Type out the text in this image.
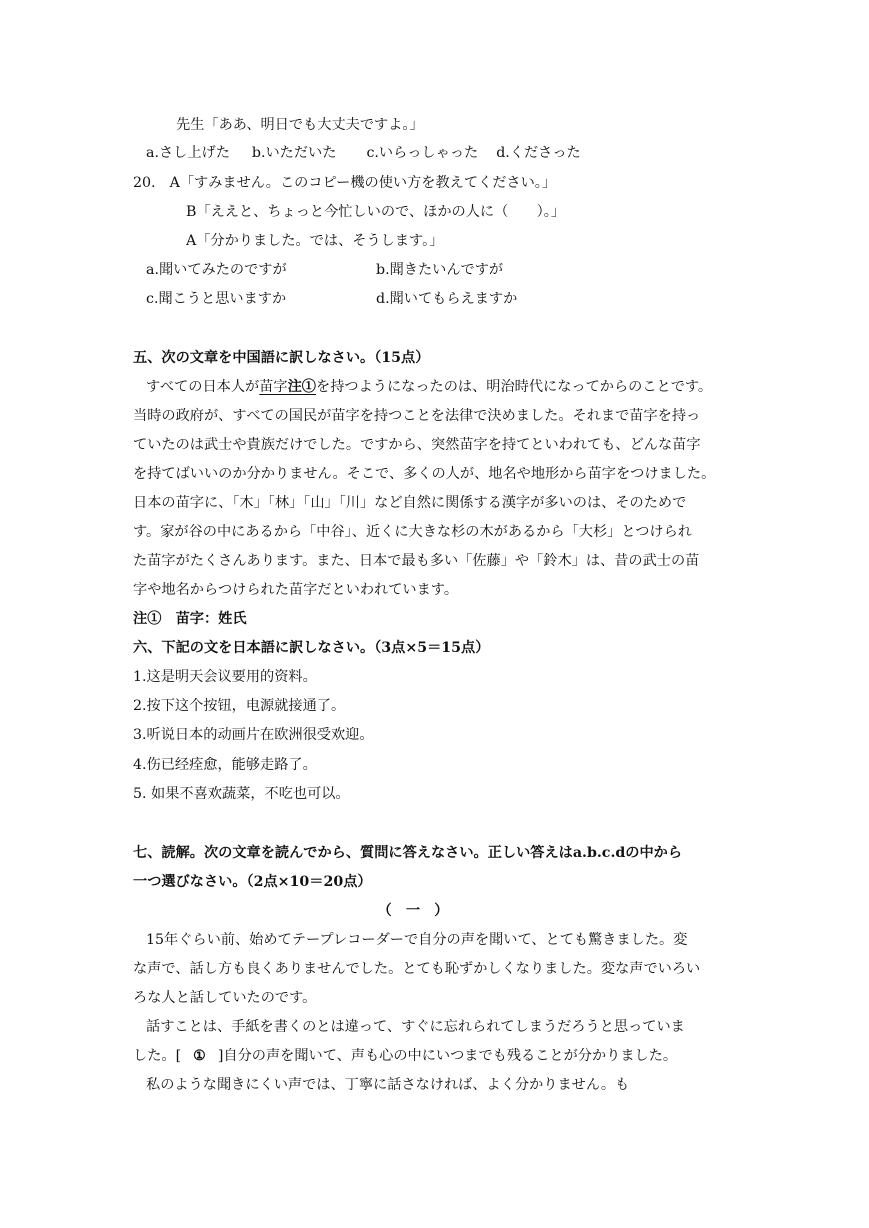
先生「ああ、明日でも大丈夫ですよ。」
a.さし上げた b.いただいた c.いらっしゃった d.くださった
20. A「すみません。このコピー機の使い方を教えてください。」
B「ええと、ちょっと今忙しいので、ほかの人に（　　）。」
A「分かりました。では、そうします。」
a.聞いてみたのですが	b.聞きたいんですが
c.聞こうと思いますか	d.聞いてもらえますか
五、次の文章を中国語に訳しなさい。（15点）
すべての日本人が苗字注①を持つようになったのは、明治時代になってからのことです。
当時の政府が、すべての国民が苗字を持つことを法律で決めました。それまで苗字を持っ
ていたのは武士や貴族だけでした。ですから、突然苗字を持てといわれても、どんな苗字
を持てばいいのか分かりません。そこで、多くの人が、地名や地形から苗字をつけました。
日本の苗字に、「木」「林」「山」「川」など自然に関係する漢字が多いのは、そのためで
す。家が谷の中にあるから「中谷」、近くに大きな杉の木があるから「大杉」とつけられ
た苗字がたくさんあります。また、日本で最も多い「佐藤」や「鈴木」は、昔の武士の苗
字や地名からつけられた苗字だといわれています。
注①　苗字：姓氏
六、下記の文を日本語に訳しなさい。（3点×5＝15点）
1.这是明天会议要用的资料。
2.按下这个按钮，电源就接通了。
3.听说日本的动画片在欧洲很受欢迎。
4.伤已经痊愈，能够走路了。
5. 如果不喜欢蔬菜，不吃也可以。
七、読解。次の文章を読んでから、質問に答えなさい。正しい答えはa.b.c.dの中から
一つ選びなさい。（2点×10＝20点）
（　一　）
15年ぐらい前、始めてテープレコーダーで自分の声を聞いて、とても驚きました。変
な声で、話し方も良くありませんでした。とても恥ずかしくなりました。変な声でいろい
ろな人と話していたのです。
話すことは、手紙を書くのとは違って、すぐに忘れられてしまうだろうと思っていま
した。[ ① ]自分の声を聞いて、声も心の中にいつまでも残ることが分かりました。
私のような聞きにくい声では、丁寧に話さなければ、よく分かりません。も
